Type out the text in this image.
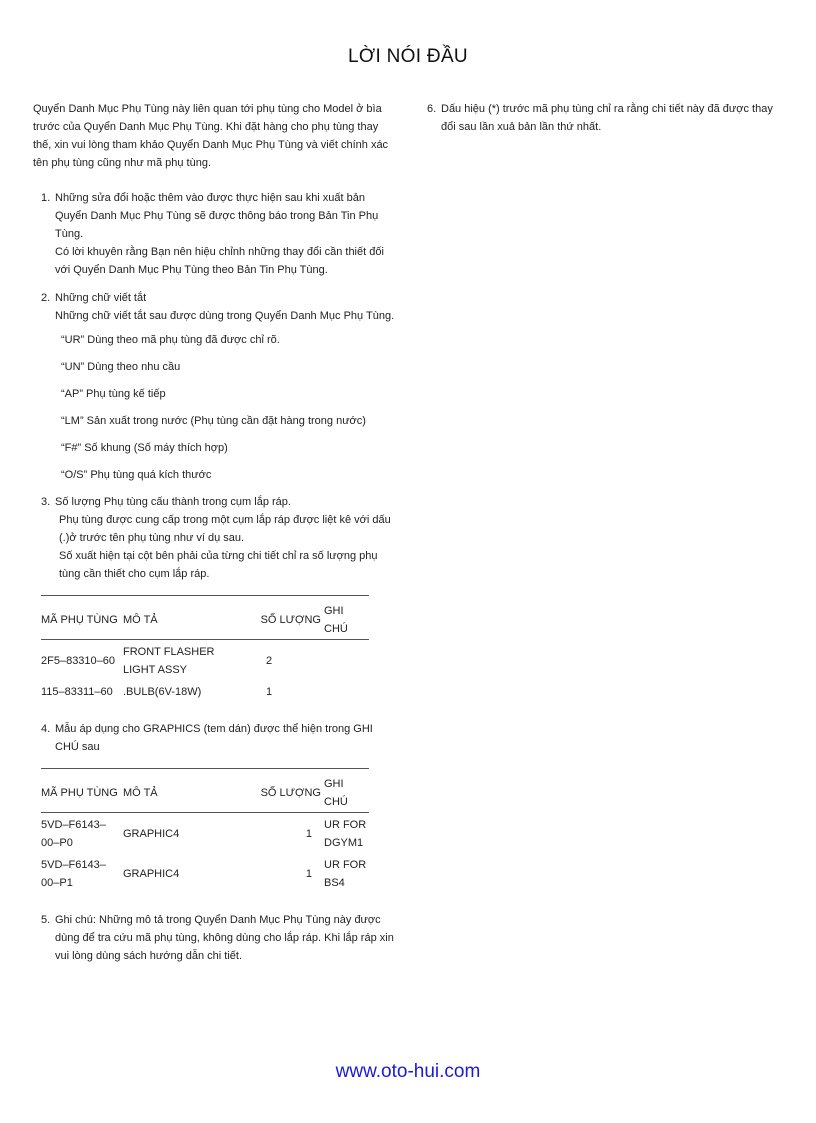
LỜI NÓI ĐẦU

Quyển Danh Mục Phụ Tùng này liên quan tới phụ tùng cho Model ở bìa trước của Quyển Danh Mục Phụ Tùng. Khi đặt hàng cho phụ tùng thay thế, xin vui lòng tham khảo Quyển Danh Mục Phụ Tùng và viết chính xác tên phụ tùng cũng như mã phụ tùng.

1. Những sửa đổi hoặc thêm vào được thực hiện sau khi xuất bản Quyển Danh Mục Phụ Tùng sẽ được thông báo trong Bản Tin Phụ Tùng.
Có lời khuyên rằng Bạn nên hiệu chỉnh những thay đổi cần thiết đối với Quyển Danh Mục Phụ Tùng theo Bản Tin Phụ Tùng.
2. Những chữ viết tắt
Những chữ viết tắt sau được dùng trong Quyển Danh Mục Phụ Tùng.
“UR” Dùng theo mã phụ tùng đã được chỉ rõ.
“UN” Dùng theo nhu cầu
“AP” Phụ tùng kế tiếp
“LM” Sản xuất trong nước (Phụ tùng cần đặt hàng trong nước)
“F#” Số khung (Số máy thích hợp)
“O/S” Phụ tùng quá kích thước
3. Số lượng Phụ tùng cấu thành trong cụm lắp ráp.
Phụ tùng được cung cấp trong một cụm lắp ráp được liệt kê với dấu (.)ở trước tên phụ tùng như ví dụ sau.
Số xuất hiện tại cột bên phải của từng chi tiết chỉ ra số lượng phụ tùng cần thiết cho cụm lắp ráp.
MÃ PHỤ TÙNG	MÔ TẢ	SỐ LƯỢNG	GHI CHÚ
2F5–83310–60	FRONT FLASHER LIGHT ASSY	2	
115–83311–60	.BULB(6V-18W)	1	
4. Mẫu áp dụng cho GRAPHICS (tem dán) được thể hiện trong GHI CHÚ sau
MÃ PHỤ TÙNG	MÔ TẢ	SỐ LƯỢNG	GHI CHÚ
5VD–F6143–00–P0	GRAPHIC4	1	UR FOR DGYM1
5VD–F6143–00–P1	GRAPHIC4	1	UR FOR BS4
5. Ghi chú: Những mô tả trong Quyển Danh Mục Phụ Tùng này được dùng để tra cứu mã phụ tùng, không dùng cho lắp ráp. Khi lắp ráp xin vui lòng dùng sách hướng dẫn chi tiết.
6. Dấu hiệu (*) trước mã phụ tùng chỉ ra rằng chi tiết này đã được thay đổi sau lần xuả bản lần thứ nhất.
www.oto-hui.com
